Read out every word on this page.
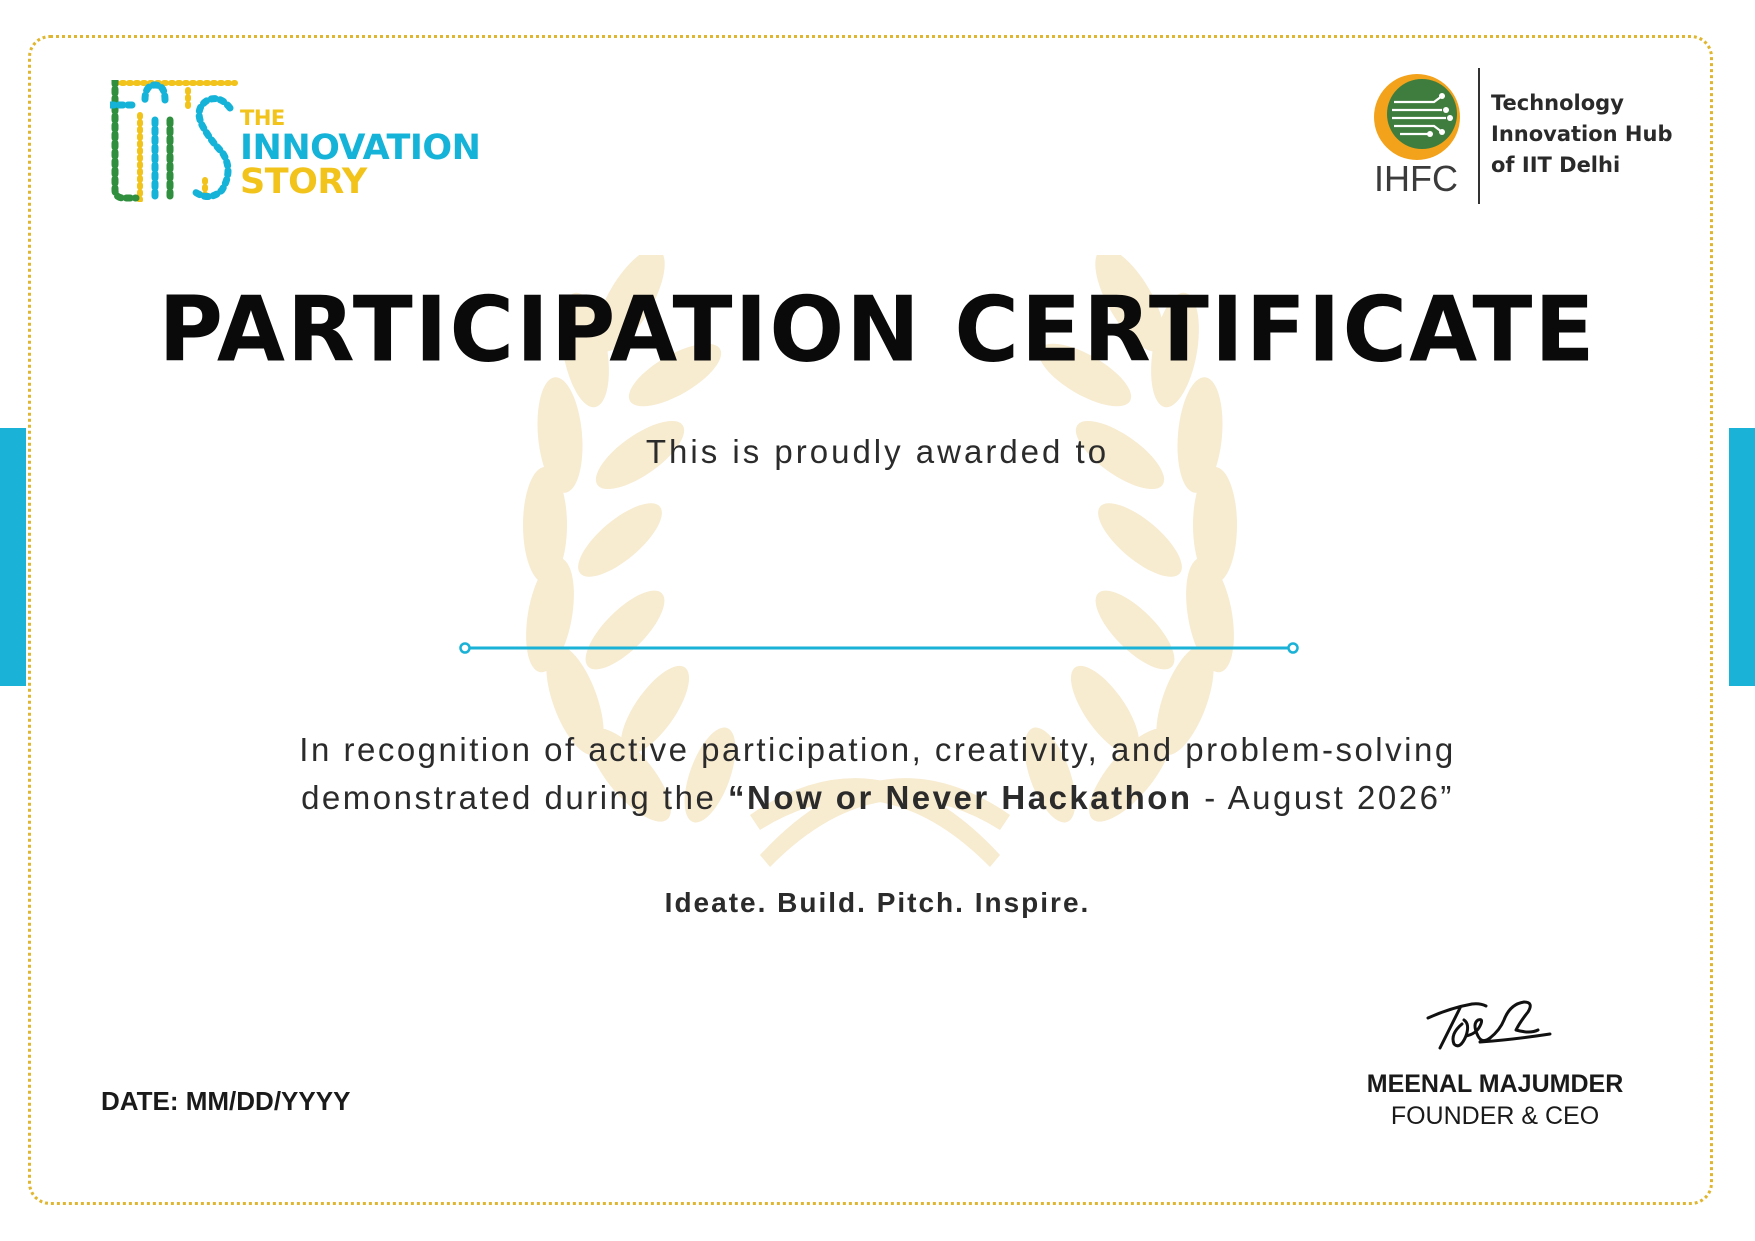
THE
INNOVATION
STORY	IHFC
Technology
Innovation Hub
of IIT Delhi
PARTICIPATION CERTIFICATE
This is proudly awarded to
In recognition of active participation, creativity, and problem-solving
demonstrated during the “Now or Never Hackathon - August 2026”
Ideate. Build. Pitch. Inspire.
DATE: MM/DD/YYYY
MEENAL MAJUMDER
FOUNDER & CEO
